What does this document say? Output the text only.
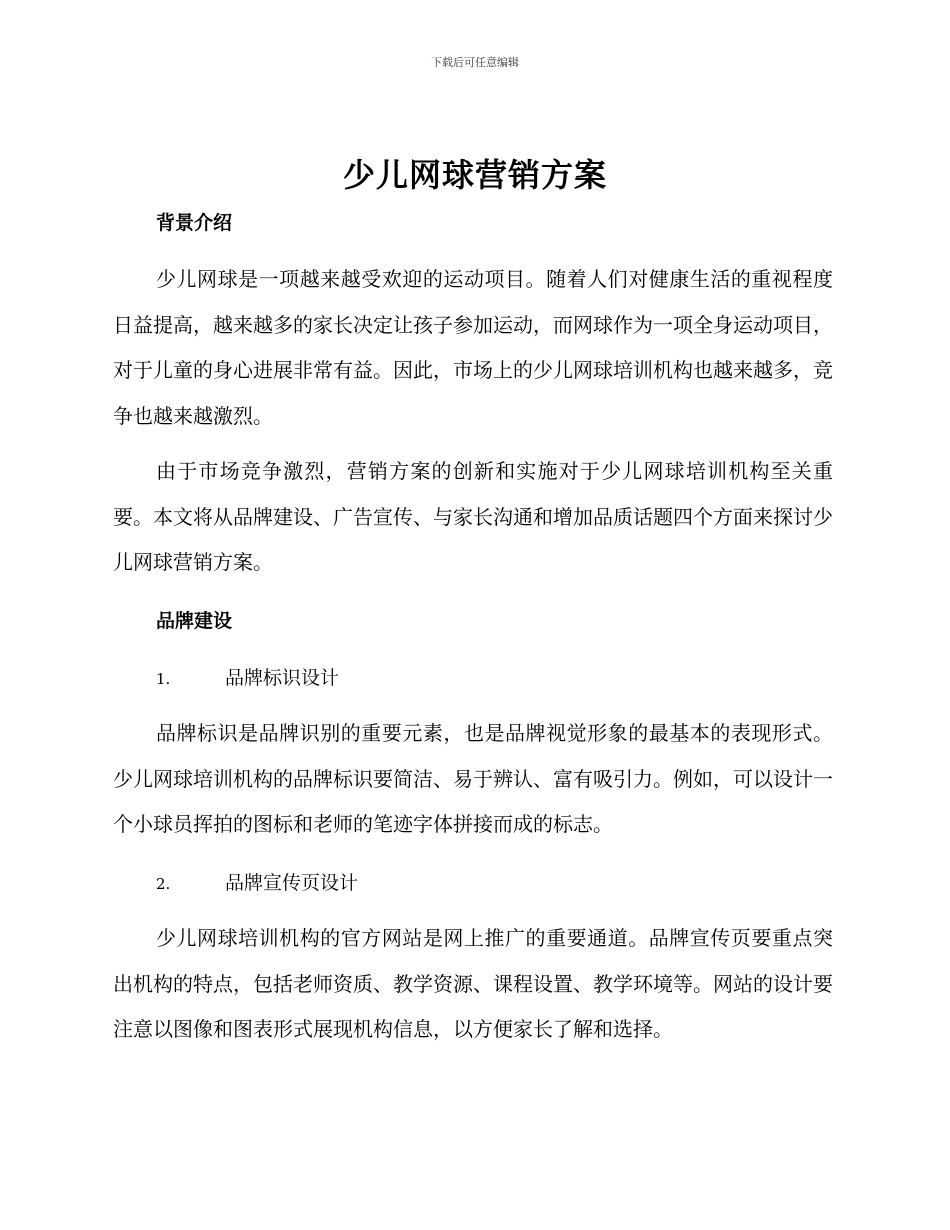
下载后可任意编辑
少儿网球营销方案
背景介绍

少儿网球是一项越来越受欢迎的运动项目。随着人们对健康生活的重视程度日益提高，越来越多的家长决定让孩子参加运动，而网球作为一项全身运动项目，对于儿童的身心进展非常有益。因此，市场上的少儿网球培训机构也越来越多，竞争也越来越激烈。

由于市场竞争激烈，营销方案的创新和实施对于少儿网球培训机构至关重要。本文将从品牌建设、广告宣传、与家长沟通和增加品质话题四个方面来探讨少儿网球营销方案。

品牌建设
1.	品牌标识设计

品牌标识是品牌识别的重要元素，也是品牌视觉形象的最基本的表现形式。少儿网球培训机构的品牌标识要简洁、易于辨认、富有吸引力。例如，可以设计一个小球员挥拍的图标和老师的笔迹字体拼接而成的标志。

2.	品牌宣传页设计

少儿网球培训机构的官方网站是网上推广的重要通道。品牌宣传页要重点突出机构的特点，包括老师资质、教学资源、课程设置、教学环境等。网站的设计要注意以图像和图表形式展现机构信息，以方便家长了解和选择。
